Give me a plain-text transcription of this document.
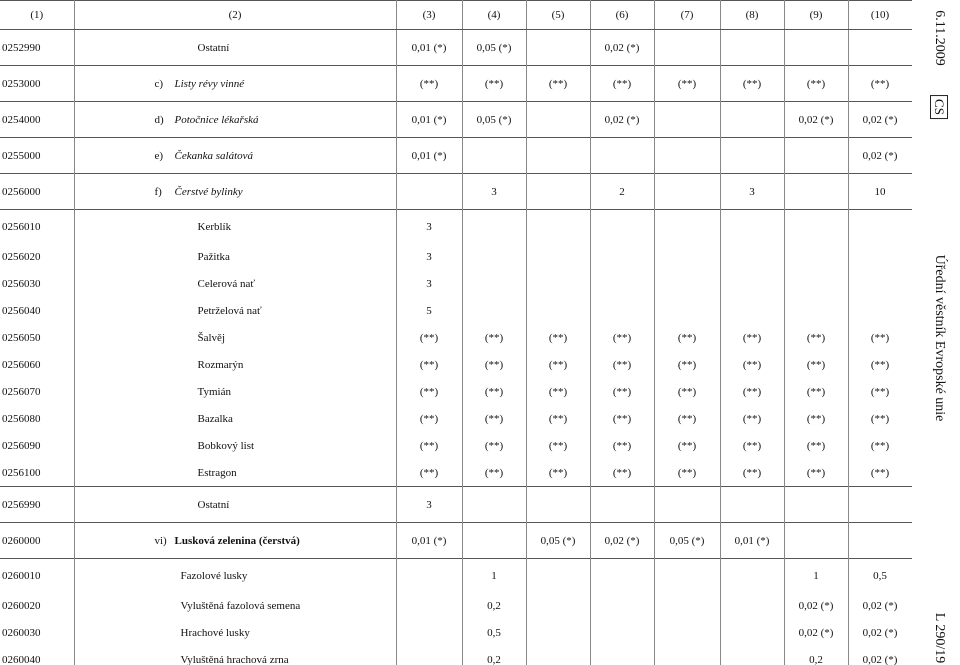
(1)	(2)	(3)	(4)	(5)	(6)	(7)	(8)	(9)	(10)
0252990	Ostatní	0,01 (*)	0,05 (*)		0,02 (*)				
0253000	c) Listy révy vinné	(**)	(**)	(**)	(**)	(**)	(**)	(**)	(**)
0254000	d) Potočnice lékařská	0,01 (*)	0,05 (*)		0,02 (*)			0,02 (*)	0,02 (*)
0255000	e) Čekanka salátová	0,01 (*)							0,02 (*)
0256000	f) Čerstvé bylinky		3		2		3		10
0256010	Kerblík	3							
0256020	Pažitka	3							
0256030	Celerová nať	3							
0256040	Petrželová nať	5							
0256050	Šalvěj	(**)	(**)	(**)	(**)	(**)	(**)	(**)	(**)
0256060	Rozmarýn	(**)	(**)	(**)	(**)	(**)	(**)	(**)	(**)
0256070	Tymián	(**)	(**)	(**)	(**)	(**)	(**)	(**)	(**)
0256080	Bazalka	(**)	(**)	(**)	(**)	(**)	(**)	(**)	(**)
0256090	Bobkový list	(**)	(**)	(**)	(**)	(**)	(**)	(**)	(**)
0256100	Estragon	(**)	(**)	(**)	(**)	(**)	(**)	(**)	(**)
0256990	Ostatní	3							
0260000	vi) Lusková zelenina (čerstvá)	0,01 (*)		0,05 (*)	0,02 (*)	0,05 (*)	0,01 (*)		
0260010	Fazolové lusky		1					1	0,5
0260020	Vyluštěná fazolová semena		0,2					0,02 (*)	0,02 (*)
0260030	Hrachové lusky		0,5					0,02 (*)	0,02 (*)
0260040	Vyluštěná hrachová zrna		0,2					0,2	0,02 (*)
6.11.2009
CS
Úřední věstník Evropské unie
L 290/19
